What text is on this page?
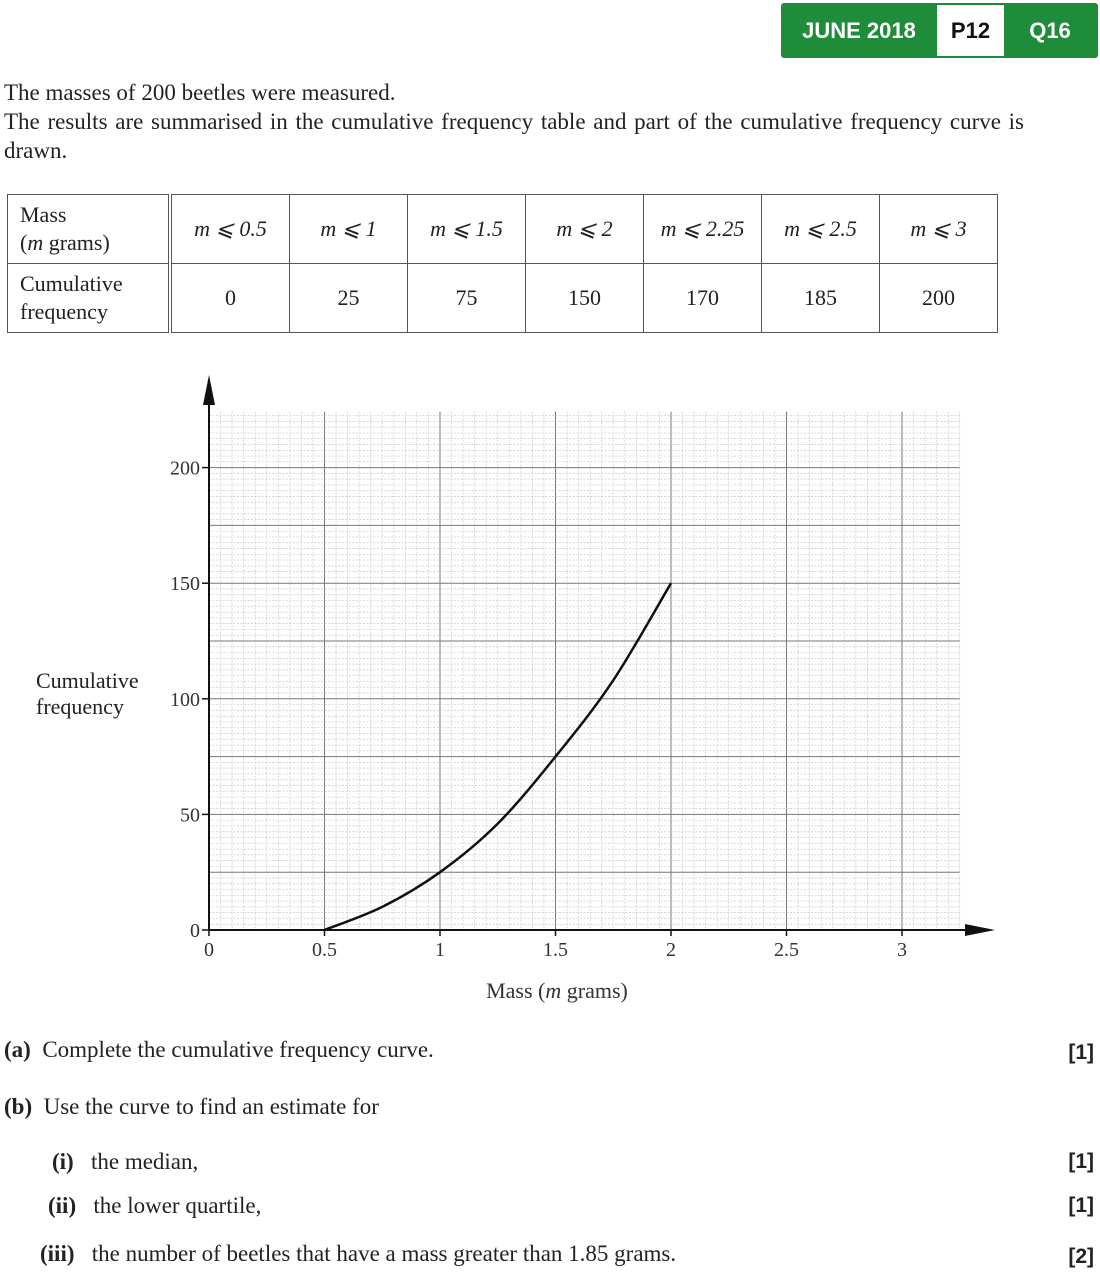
JUNE 2018	P12	Q16
The masses of 200 beetles were measured.
The results are summarised in the cumulative frequency table and part of the cumulative frequency curve is drawn.
Mass
(m grams)	m ⩽ 0.5	m ⩽ 1	m ⩽ 1.5	m ⩽ 2	m ⩽ 2.25	m ⩽ 2.5	m ⩽ 3

Cumulative
frequency	0	25	75	150	170	185	200
Cumulative
frequency
0	0.5	1	1.5	2	2.5	3
0
50
100
150
200
Mass (m grams)
(a) Complete the cumulative frequency curve.	[1]
(b) Use the curve to find an estimate for
(i) the median,	[1]
(ii) the lower quartile,	[1]
(iii) the number of beetles that have a mass greater than 1.85 grams.	[2]
